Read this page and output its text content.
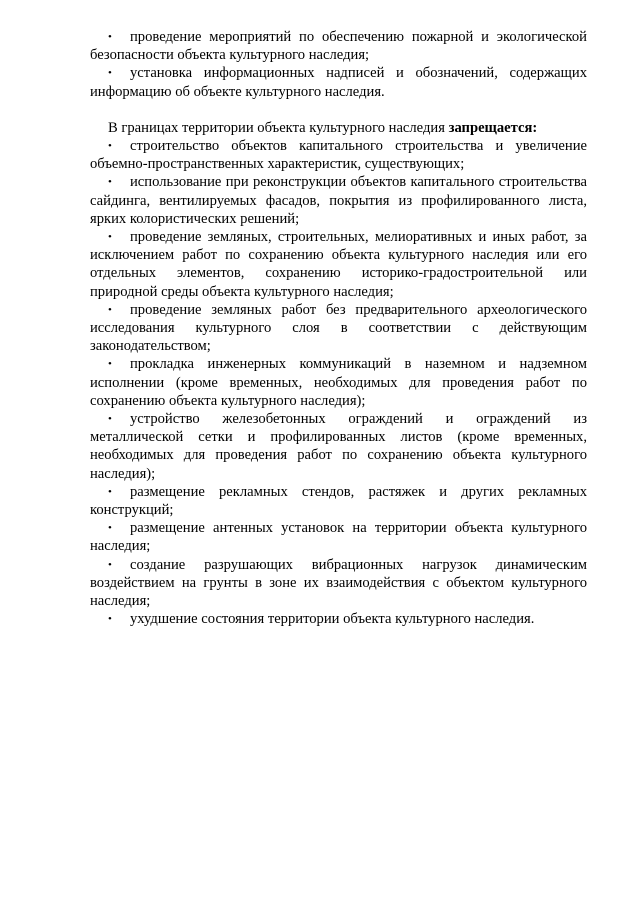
• проведение мероприятий по обеспечению пожарной и экологической безопасности объекта культурного наследия;

• установка информационных надписей и обозначений, содержащих информацию об объекте культурного наследия.

В границах территории объекта культурного наследия запрещается:

• строительство объектов капитального строительства и увеличение объемно-пространственных характеристик, существующих;

• использование при реконструкции объектов капитального строительства сайдинга, вентилируемых фасадов, покрытия из профилированного листа, ярких колористических решений;

• проведение земляных, строительных, мелиоративных и иных работ, за исключением работ по сохранению объекта культурного наследия или его отдельных элементов, сохранению историко-градостроительной или природной среды объекта культурного наследия;

• проведение земляных работ без предварительного археологического исследования культурного слоя в соответствии с действующим законодательством;

• прокладка инженерных коммуникаций в наземном и надземном исполнении (кроме временных, необходимых для проведения работ по сохранению объекта культурного наследия);

• устройство железобетонных ограждений и ограждений из металлической сетки и профилированных листов (кроме временных, необходимых для проведения работ по сохранению объекта культурного наследия);

• размещение рекламных стендов, растяжек и других рекламных конструкций;

• размещение антенных установок на территории объекта культурного наследия;

• создание разрушающих вибрационных нагрузок динамическим воздействием на грунты в зоне их взаимодействия с объектом культурного наследия;

• ухудшение состояния территории объекта культурного наследия.
